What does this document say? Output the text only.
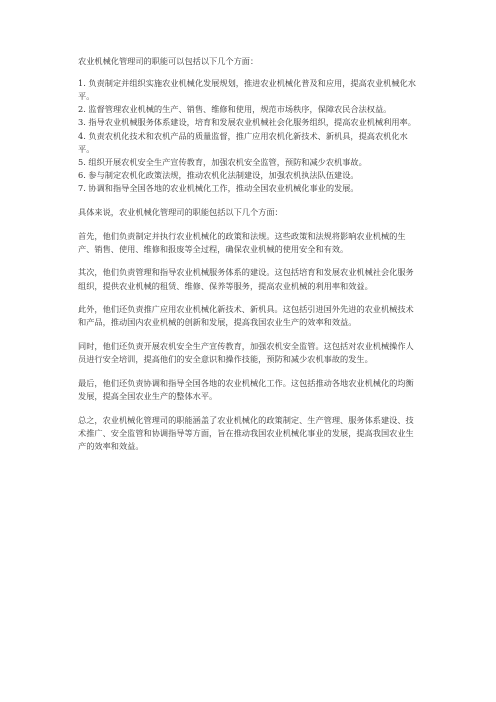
农业机械化管理司的职能可以包括以下几个方面：

1. 负责制定并组织实施农业机械化发展规划，推进农业机械化普及和应用，提高农业机械化水平。

2. 监督管理农业机械的生产、销售、维修和使用，规范市场秩序，保障农民合法权益。

3. 指导农业机械服务体系建设，培育和发展农业机械社会化服务组织，提高农业机械利用率。

4. 负责农机化技术和农机产品的质量监督，推广应用农机化新技术、新机具，提高农机化水平。

5. 组织开展农机安全生产宣传教育，加强农机安全监管，预防和减少农机事故。

6. 参与制定农机化政策法规，推动农机化法制建设，加强农机执法队伍建设。

7. 协调和指导全国各地的农业机械化工作，推动全国农业机械化事业的发展。

具体来说，农业机械化管理司的职能包括以下几个方面：

首先，他们负责制定并执行农业机械化的政策和法规。这些政策和法规将影响农业机械的生产、销售、使用、维修和报废等全过程，确保农业机械的使用安全和有效。

其次，他们负责管理和指导农业机械服务体系的建设。这包括培育和发展农业机械社会化服务组织，提供农业机械的租赁、维修、保养等服务，提高农业机械的利用率和效益。

此外，他们还负责推广应用农业机械化新技术、新机具。这包括引进国外先进的农业机械技术和产品，推动国内农业机械的创新和发展，提高我国农业生产的效率和效益。

同时，他们还负责开展农机安全生产宣传教育，加强农机安全监管。这包括对农业机械操作人员进行安全培训，提高他们的安全意识和操作技能，预防和减少农机事故的发生。

最后，他们还负责协调和指导全国各地的农业机械化工作。这包括推动各地农业机械化的均衡发展，提高全国农业生产的整体水平。

总之，农业机械化管理司的职能涵盖了农业机械化的政策制定、生产管理、服务体系建设、技术推广、安全监管和协调指导等方面，旨在推动我国农业机械化事业的发展，提高我国农业生产的效率和效益。
